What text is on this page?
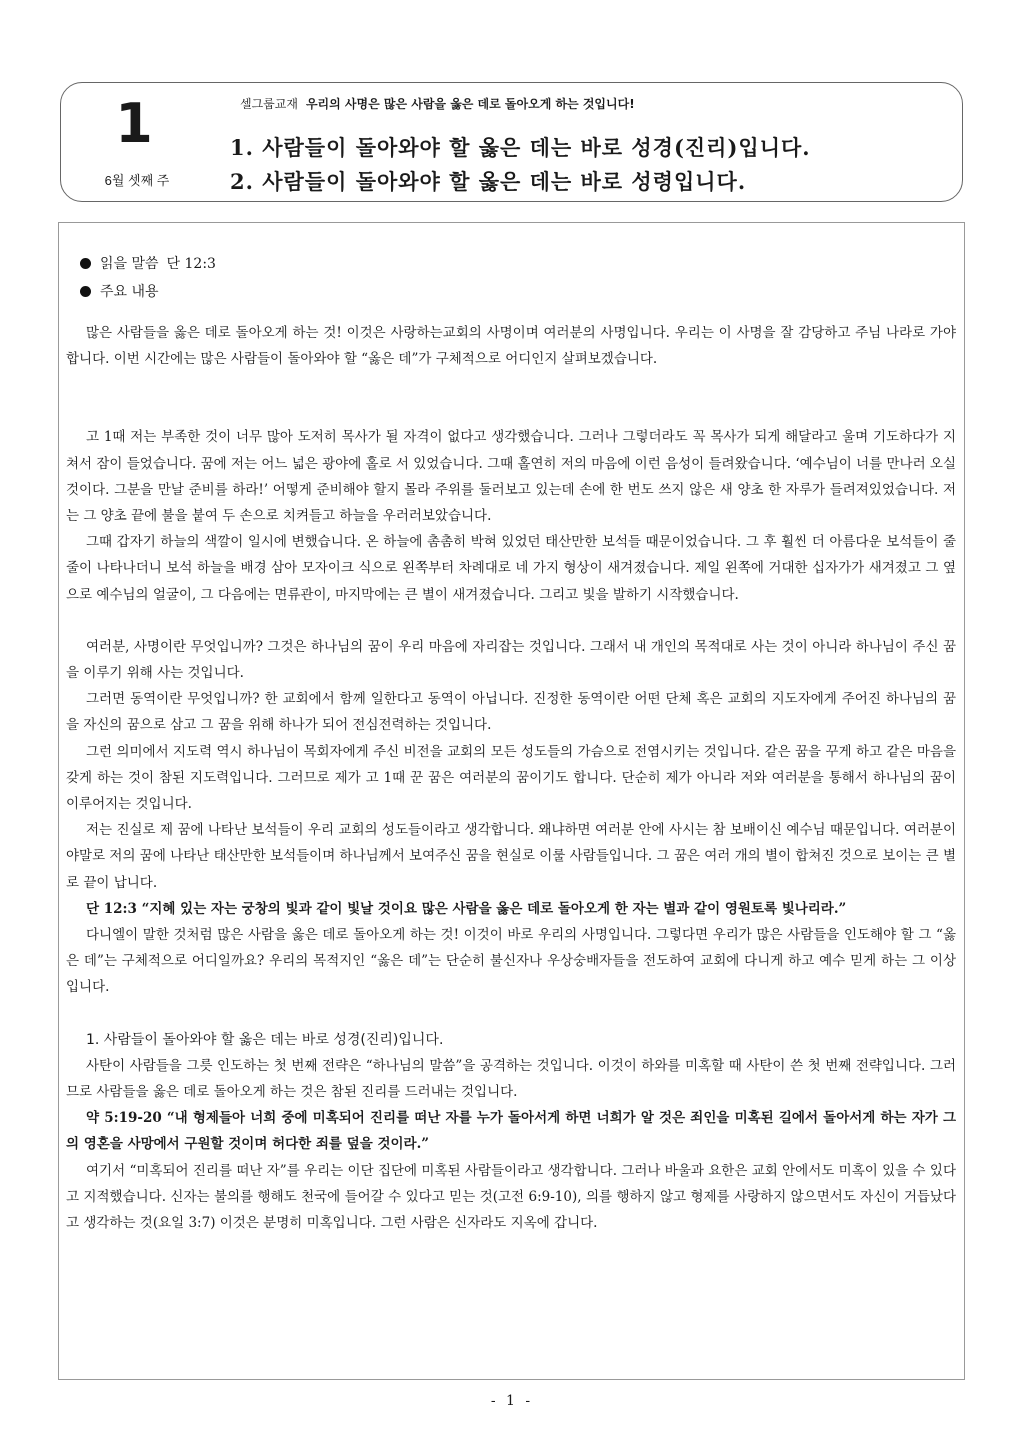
1
6월 셋째 주
셀그룹교재 우리의 사명은 많은 사람을 옳은 데로 돌아오게 하는 것입니다!
1. 사람들이 돌아와야 할 옳은 데는 바로 성경(진리)입니다.
2. 사람들이 돌아와야 할 옳은 데는 바로 성령입니다.
읽을 말씀 단 12:3
주요 내용

많은 사람들을 옳은 데로 돌아오게 하는 것! 이것은 사랑하는교회의 사명이며 여러분의 사명입니다. 우리는 이 사명을 잘 감당하고 주님 나라로 가야 합니다. 이번 시간에는 많은 사람들이 돌아와야 할 “옳은 데”가 구체적으로 어디인지 살펴보겠습니다.

고 1때 저는 부족한 것이 너무 많아 도저히 목사가 될 자격이 없다고 생각했습니다. 그러나 그렇더라도 꼭 목사가 되게 해달라고 울며 기도하다가 지쳐서 잠이 들었습니다. 꿈에 저는 어느 넓은 광야에 홀로 서 있었습니다. 그때 홀연히 저의 마음에 이런 음성이 들려왔습니다. ‘예수님이 너를 만나러 오실 것이다. 그분을 만날 준비를 하라!’ 어떻게 준비해야 할지 몰라 주위를 둘러보고 있는데 손에 한 번도 쓰지 않은 새 양초 한 자루가 들려져있었습니다. 저는 그 양초 끝에 불을 붙여 두 손으로 치켜들고 하늘을 우러러보았습니다.

그때 갑자기 하늘의 색깔이 일시에 변했습니다. 온 하늘에 촘촘히 박혀 있었던 태산만한 보석들 때문이었습니다. 그 후 훨씬 더 아름다운 보석들이 줄줄이 나타나더니 보석 하늘을 배경 삼아 모자이크 식으로 왼쪽부터 차례대로 네 가지 형상이 새겨졌습니다. 제일 왼쪽에 거대한 십자가가 새겨졌고 그 옆으로 예수님의 얼굴이, 그 다음에는 면류관이, 마지막에는 큰 별이 새겨졌습니다. 그리고 빛을 발하기 시작했습니다.

여러분, 사명이란 무엇입니까? 그것은 하나님의 꿈이 우리 마음에 자리잡는 것입니다. 그래서 내 개인의 목적대로 사는 것이 아니라 하나님이 주신 꿈을 이루기 위해 사는 것입니다.

그러면 동역이란 무엇입니까? 한 교회에서 함께 일한다고 동역이 아닙니다. 진정한 동역이란 어떤 단체 혹은 교회의 지도자에게 주어진 하나님의 꿈을 자신의 꿈으로 삼고 그 꿈을 위해 하나가 되어 전심전력하는 것입니다.

그런 의미에서 지도력 역시 하나님이 목회자에게 주신 비전을 교회의 모든 성도들의 가슴으로 전염시키는 것입니다. 같은 꿈을 꾸게 하고 같은 마음을 갖게 하는 것이 참된 지도력입니다. 그러므로 제가 고 1때 꾼 꿈은 여러분의 꿈이기도 합니다. 단순히 제가 아니라 저와 여러분을 통해서 하나님의 꿈이 이루어지는 것입니다.

저는 진실로 제 꿈에 나타난 보석들이 우리 교회의 성도들이라고 생각합니다. 왜냐하면 여러분 안에 사시는 참 보배이신 예수님 때문입니다. 여러분이야말로 저의 꿈에 나타난 태산만한 보석들이며 하나님께서 보여주신 꿈을 현실로 이룰 사람들입니다. 그 꿈은 여러 개의 별이 합쳐진 것으로 보이는 큰 별로 끝이 납니다.

단 12:3 “지혜 있는 자는 궁창의 빛과 같이 빛날 것이요 많은 사람을 옳은 데로 돌아오게 한 자는 별과 같이 영원토록 빛나리라.”

다니엘이 말한 것처럼 많은 사람을 옳은 데로 돌아오게 하는 것! 이것이 바로 우리의 사명입니다. 그렇다면 우리가 많은 사람들을 인도해야 할 그 “옳은 데”는 구체적으로 어디일까요? 우리의 목적지인 “옳은 데”는 단순히 불신자나 우상숭배자들을 전도하여 교회에 다니게 하고 예수 믿게 하는 그 이상입니다.

1. 사람들이 돌아와야 할 옳은 데는 바로 성경(진리)입니다.

사탄이 사람들을 그릇 인도하는 첫 번째 전략은 “하나님의 말씀”을 공격하는 것입니다. 이것이 하와를 미혹할 때 사탄이 쓴 첫 번째 전략입니다. 그러므로 사람들을 옳은 데로 돌아오게 하는 것은 참된 진리를 드러내는 것입니다.

약 5:19-20 “내 형제들아 너희 중에 미혹되어 진리를 떠난 자를 누가 돌아서게 하면 너희가 알 것은 죄인을 미혹된 길에서 돌아서게 하는 자가 그의 영혼을 사망에서 구원할 것이며 허다한 죄를 덮을 것이라.”

여기서 “미혹되어 진리를 떠난 자”를 우리는 이단 집단에 미혹된 사람들이라고 생각합니다. 그러나 바울과 요한은 교회 안에서도 미혹이 있을 수 있다고 지적했습니다. 신자는 불의를 행해도 천국에 들어갈 수 있다고 믿는 것(고전 6:9-10), 의를 행하지 않고 형제를 사랑하지 않으면서도 자신이 거듭났다고 생각하는 것(요일 3:7) 이것은 분명히 미혹입니다. 그런 사람은 신자라도 지옥에 갑니다.

- 1 -
